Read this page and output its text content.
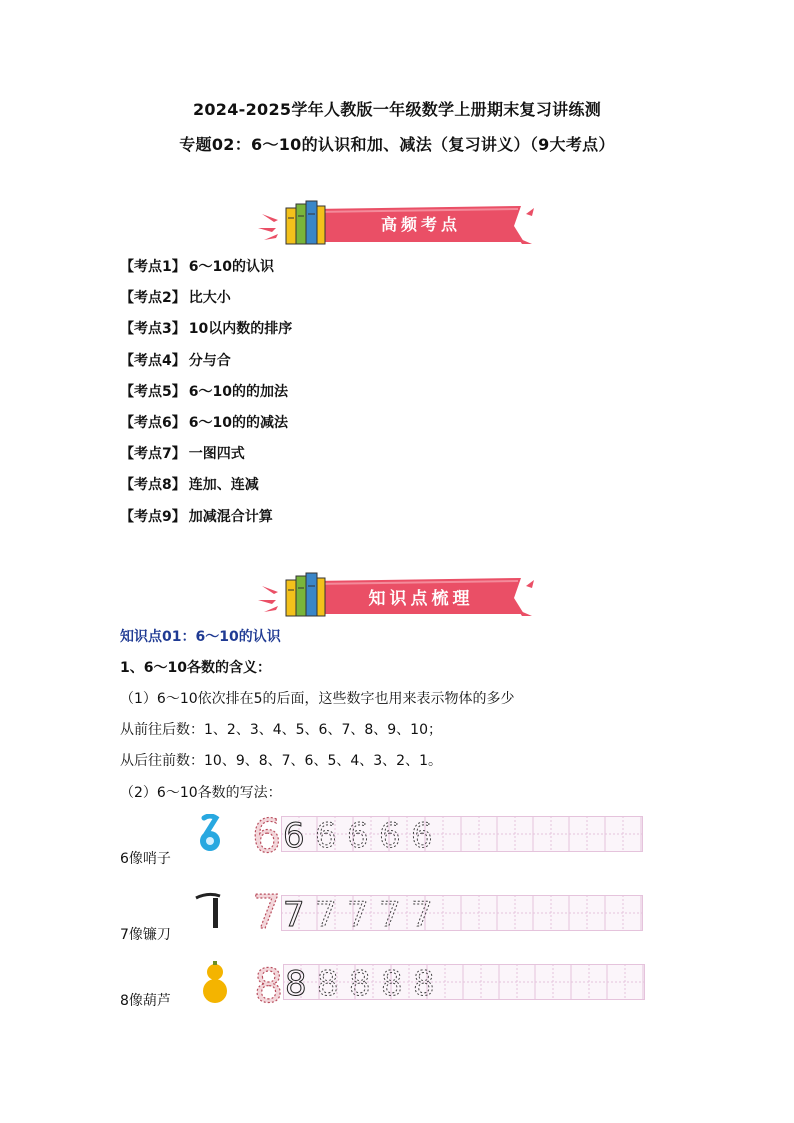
2024-2025学年人教版一年级数学上册期末复习讲练测
专题02：6～10的认识和加、减法（复习讲义）（9大考点）
高频考点
【考点1】 6～10的认识
【考点2】 比大小
【考点3】 10以内数的排序
【考点4】 分与合
【考点5】 6～10的的加法
【考点6】 6～10的的减法
【考点7】 一图四式
【考点8】 连加、连减
【考点9】 加减混合计算
知识点梳理
知识点01：6～10的认识
1、6～10各数的含义：
（1）6～10依次排在5的后面，这些数字也用来表示物体的多少
从前往后数：1、2、3、4、5、6、7、8、9、10；
从后往前数：10、9、8、7、6、5、4、3、2、1。
（2）6～10各数的写法：
6像哨子 6 6 6 6 6 6
7像镰刀 7 7 7 7 7 7
8像葫芦 8 8 8 8 8 8
